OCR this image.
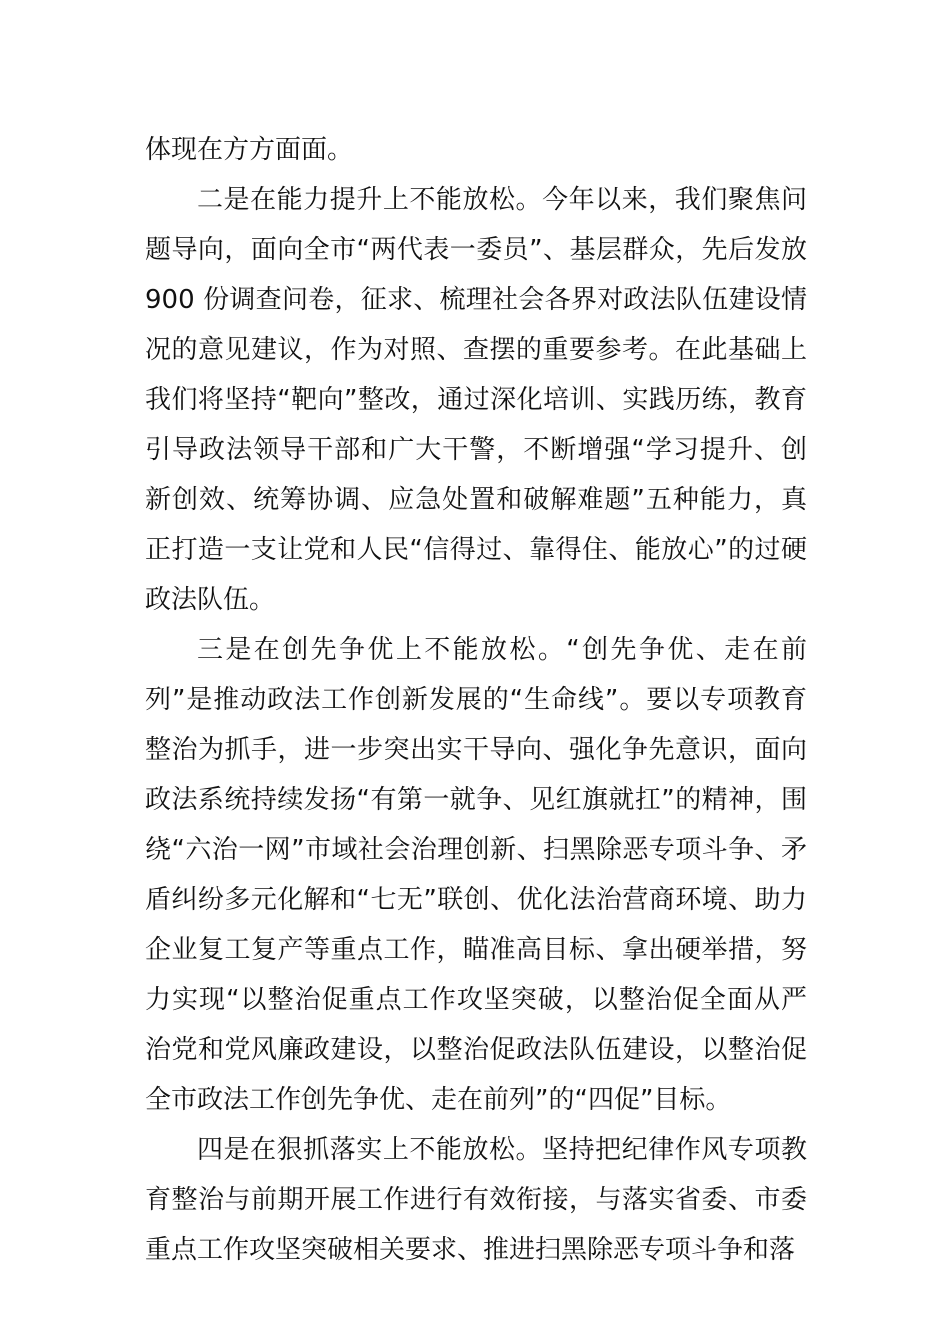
体现在方方面面。

二是在能力提升上不能放松。今年以来，我们聚焦问题导向，面向全市“两代表一委员”、基层群众，先后发放900 份调查问卷，征求、梳理社会各界对政法队伍建设情况的意见建议，作为对照、查摆的重要参考。在此基础上我们将坚持“靶向”整改，通过深化培训、实践历练，教育引导政法领导干部和广大干警，不断增强“学习提升、创新创效、统筹协调、应急处置和破解难题”五种能力，真正打造一支让党和人民“信得过、靠得住、能放心”的过硬政法队伍。

三是在创先争优上不能放松。“创先争优、走在前列”是推动政法工作创新发展的“生命线”。要以专项教育整治为抓手，进一步突出实干导向、强化争先意识，面向政法系统持续发扬“有第一就争、见红旗就扛”的精神，围绕“六治一网”市域社会治理创新、扫黑除恶专项斗争、矛盾纠纷多元化解和“七无”联创、优化法治营商环境、助力企业复工复产等重点工作，瞄准高目标、拿出硬举措，努力实现“以整治促重点工作攻坚突破，以整治促全面从严治党和党风廉政建设，以整治促政法队伍建设，以整治促全市政法工作创先争优、走在前列”的“四促”目标。

四是在狠抓落实上不能放松。坚持把纪律作风专项教育整治与前期开展工作进行有效衔接，与落实省委、市委重点工作攻坚突破相关要求、推进扫黑除恶专项斗争和落
